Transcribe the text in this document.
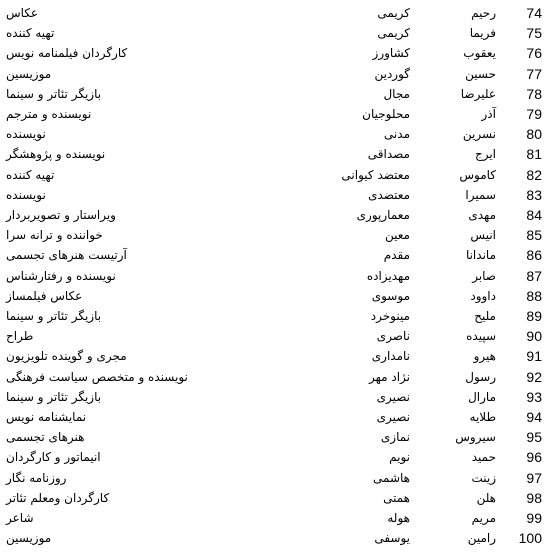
74
رحیم
کریمی
عکاس
75
فریما
کریمی
تهیه کننده
76
یعقوب
کشاورز
کارگردان فیلمنامه نویس
77
حسین
گوردین
موزیسین
78
علیرضا
مجال
بازیگر تئاتر و سینما
79
آذر
محلوجیان
نویسنده و مترجم
80
نسرین
مدنی
نویسنده
81
ایرج
مصداقی
نویسنده و پژوهشگر
82
کاموس
معتضد کیوانی
تهیه کننده
83
سمیرا
معتضدی
نویسنده
84
مهدی
معمارپوری
ویراستار و تصویربردار
85
انیس
معین
خواننده و ترانه سرا
86
ماندانا
مقدم
آرتیست هنرهای تجسمی
87
صابر
مهدیزاده
نویسنده و رفتارشناس
88
داوود
موسوی
عکاس فیلمساز
89
ملیح
مینوخرد
بازیگر تئاتر و سینما
90
سپیده
ناصری
طراح
91
هیرو
نامداری
مجری و گوینده تلویزیون
92
رسول
نژاد مهر
نویسنده و متخصص سیاست فرهنگی
93
مارال
نصیری
بازیگر تئاتر و سینما
94
طلایه
نصیری
نمایشنامه نویس
95
سیروس
نمازی
هنرهای تجسمی
96
حمید
نویم
انیماتور و کارگردان
97
زینت
هاشمی
روزنامه نگار
98
هلن
همتی
کارگردان ومعلم تئاتر
99
مریم
هوله
شاعر
100
رامین
یوسفی
موزیسین
